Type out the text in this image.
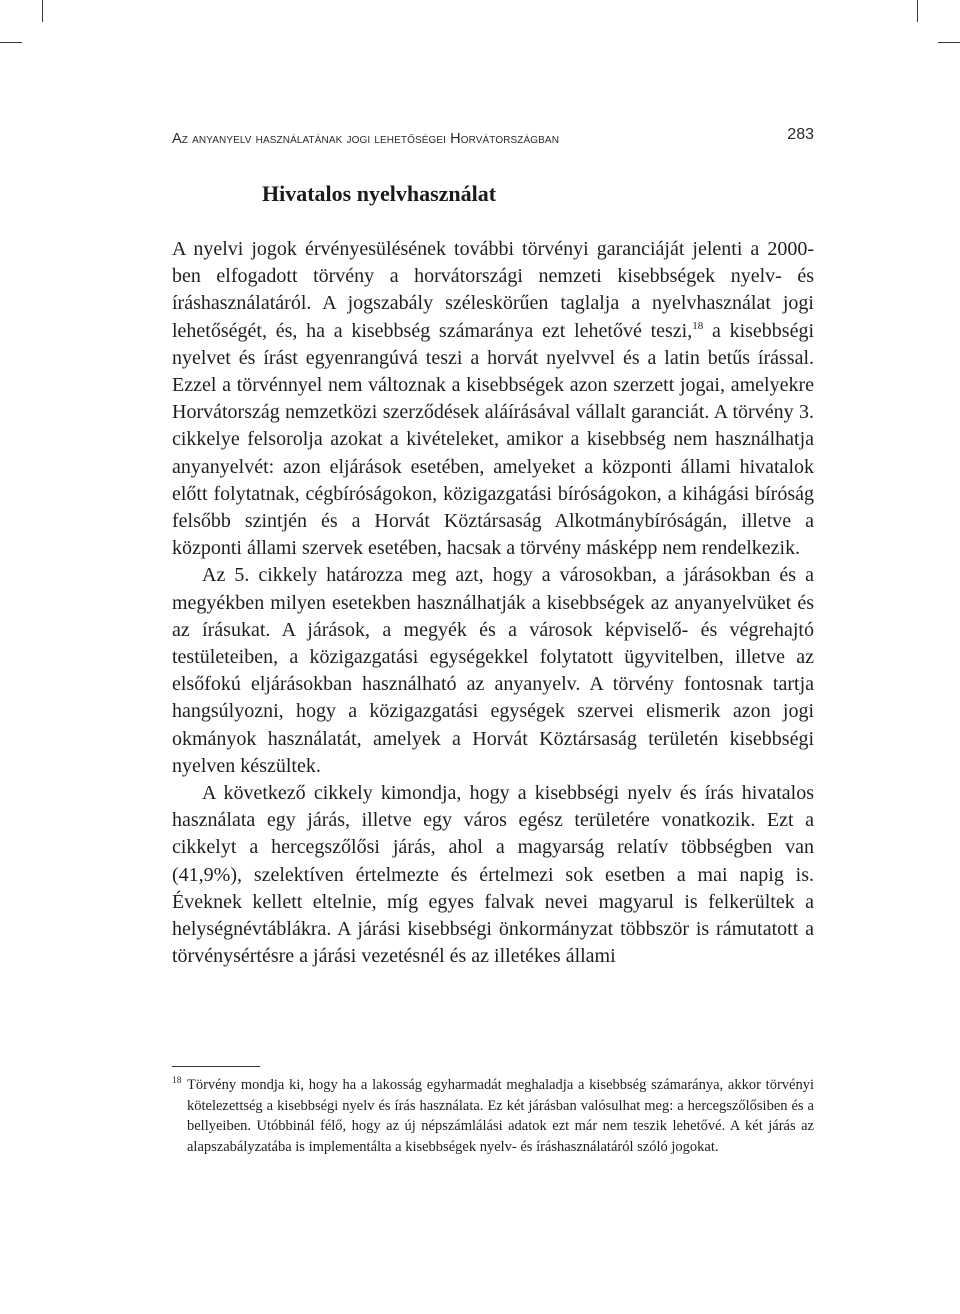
Az anyanyelv használatának jogi lehetőségei Horvátországban	283
Hivatalos nyelvhasználat

A nyelvi jogok érvényesülésének további törvényi garanciáját jelenti a 2000-ben elfogadott törvény a horvátországi nemzeti kisebbségek nyelv- és íráshasználatáról. A jogszabály széleskörűen taglalja a nyelvhasználat jogi lehetőségét, és, ha a kisebbség számaránya ezt lehetővé teszi,$^{18}$ a kisebbségi nyelvet és írást egyenrangúvá teszi a horvát nyelvvel és a latin betűs írással. Ezzel a törvénnyel nem változnak a kisebbségek azon szerzett jogai, amelyekre Horvátország nemzetközi szerződések aláírásával vállalt garanciát. A törvény 3. cikkelye felsorolja azokat a kivételeket, amikor a kisebbség nem használhatja anyanyelvét: azon eljárások esetében, amelyeket a központi állami hivatalok előtt folytatnak, cégbíróságokon, közigazgatási bíróságokon, a kihágási bíróság felsőbb szintjén és a Horvát Köztársaság Alkotmánybíróságán, illetve a központi állami szervek esetében, hacsak a törvény másképp nem rendelkezik.

Az 5. cikkely határozza meg azt, hogy a városokban, a járásokban és a megyékben milyen esetekben használhatják a kisebbségek az anyanyelvüket és az írásukat. A járások, a megyék és a városok képviselő- és végrehajtó testületeiben, a közigazgatási egységekkel folytatott ügyvitelben, illetve az elsőfokú eljárásokban használható az anyanyelv. A törvény fontosnak tartja hangsúlyozni, hogy a közigazgatási egységek szervei elismerik azon jogi okmányok használatát, amelyek a Horvát Köztársaság területén kisebbségi nyelven készültek.

A következő cikkely kimondja, hogy a kisebbségi nyelv és írás hivatalos használata egy járás, illetve egy város egész területére vonatkozik. Ezt a cikkelyt a hercegszőlősi járás, ahol a magyarság relatív többségben van (41,9%), szelektíven értelmezte és értelmezi sok esetben a mai napig is. Éveknek kellett eltelnie, míg egyes falvak nevei magyarul is felkerültek a helységnévtáblákra. A járási kisebbségi önkormányzat többször is rámutatott a törvénysértésre a járási vezetésnél és az illetékes állami

18 Törvény mondja ki, hogy ha a lakosság egyharmadát meghaladja a kisebbség számaránya, akkor törvényi kötelezettség a kisebbségi nyelv és írás használata. Ez két járásban valósulhat meg: a hercegszőlősiben és a bellyeiben. Utóbbinál félő, hogy az új népszámlálási adatok ezt már nem teszik lehetővé. A két járás az alapszabályzatába is implementálta a kisebbségek nyelv- és íráshasználatáról szóló jogokat.
